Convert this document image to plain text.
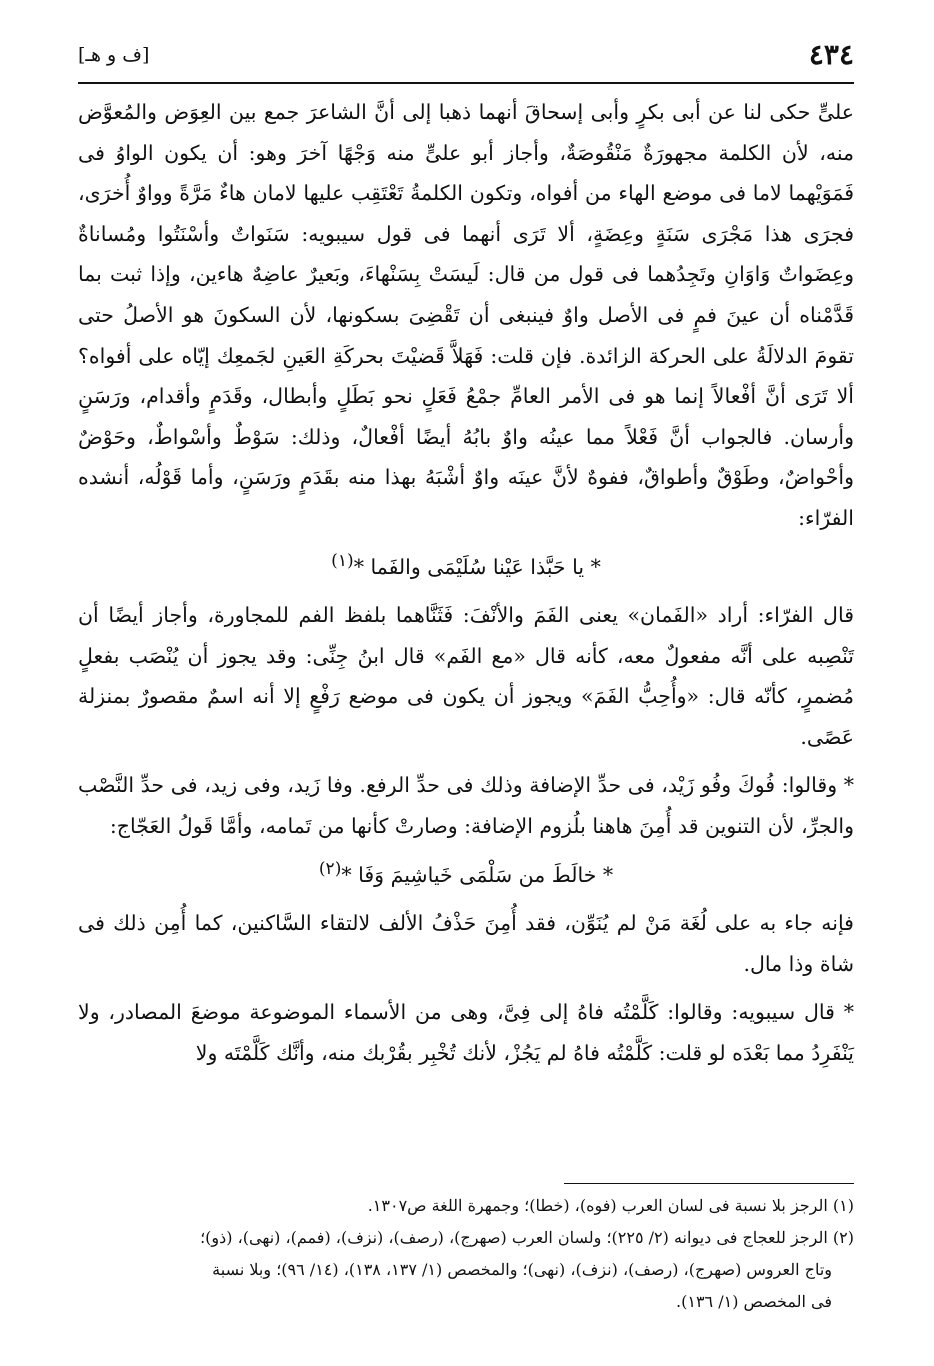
٤٣٤
[ف و هـ]

علىٍّ حكى لنا عن أبى بكرٍ وأبى إسحاقَ أنهما ذهبا إلى أنَّ الشاعرَ جمع بين العِوَض والمُعوَّض منه، لأن الكلمة مجهورَةٌ مَنْقُوصَةٌ، وأجاز أبو علىٍّ منه وَجْهًا آخرَ وهو: أن يكون الواوُ فى فَمَوَيْهما لاما فى موضع الهاء من أفواه، وتكون الكلمةُ تَعْتَقِب عليها لامان هاءٌ مَرَّةً وواوٌ أُخرَى، فجرَى هذا مَجْرَى سَنَةٍ وعِضَةٍ، ألا تَرَى أنهما فى قول سيبويه: سَنَواتٌ وأسْنَتُوا ومُساناةٌ وعِضَواتٌ وَاوَانِ وتَجِدُهما فى قول من قال: لَيسَتْ بِسَنْهاءَ، وبَعيرٌ عاضِهٌ هاءين، وإذا ثبت بما قَدَّمْناه أن عينَ فمٍ فى الأصل واوٌ فينبغى أن تَقْضِىَ بسكونها، لأن السكونَ هو الأصلُ حتى تقومَ الدلالَةُ على الحركة الزائدة. فإن قلت: فَهَلاَّ قَضيْتَ بحركَةِ العَينِ لجَمعِك إيّاه على أفواه؟ ألا تَرَى أنَّ أفْعالاً إنما هو فى الأمر العامِّ جمْعُ فَعَلٍ نحو بَطَلٍ وأبطال، وقَدَمٍ وأقدام، ورَسَنٍ وأرسان. فالجواب أنَّ فَعْلاً مما عينُه واوٌ بابُهُ أيضًا أفْعالٌ، وذلك: سَوْطٌ وأسْواطٌ، وحَوْضٌ وأحْواضٌ، وطَوْقٌ وأطواقٌ، ففوهٌ لأنَّ عينَه واوٌ أشْبَهُ بهذا منه بقَدَمٍ ورَسَنٍ، وأما قَوْلُه، أنشده الفرّاء:

* يا حَبَّذا عَيْنا سُلَيْمَى والفَما *$^{(١)}$

قال الفرّاء: أراد «الفَمان» يعنى الفَمَ والأنْفَ: فَثَنَّاهما بلفظ الفم للمجاورة، وأجاز أيضًا أن تَنْصِبه على أنَّه مفعولٌ معه، كأنه قال «مع الفَم» قال ابنُ جِنِّى: وقد يجوز أن يُنْصَب بفعلٍ مُضمرٍ، كأنّه قال: «وأُحِبُّ الفَمَ» ويجوز أن يكون فى موضع رَفْعٍ إلا أنه اسمٌ مقصورٌ بمنزلة عَصًى.

* وقالوا: فُوكَ وفُو زَيْد، فى حدِّ الإضافة وذلك فى حدِّ الرفع. وفا زَيد، وفى زيد، فى حدِّ النَّصْب والجرِّ، لأن التنوين قد أُمِنَ هاهنا بلُزوم الإضافة: وصارتْ كأنها من تَمامه، وأمَّا قَولُ العَجّاج:

* خالَطَ من سَلْمَى خَياشِيمَ وَفَا *$^{(٢)}$

فإنه جاء به على لُغَة مَنْ لم يُنَوِّن، فقد أُمِنَ حَذْفُ الألف لالتقاء السَّاكنين، كما أُمِن ذلك فى شاة وذا مال.

* قال سيبويه: وقالوا: كَلَّمْتُه فاهُ إلى فِىَّ، وهى من الأسماء الموضوعة موضعَ المصادر، ولا يَنْفَرِدُ مما بَعْدَه لو قلت: كَلَّمْتُه فاهُ لم يَجُزْ، لأنك تُخْبِر بقُرْبك منه، وأنَّك كَلَّمْتَه ولا

(١) الرجز بلا نسبة فى لسان العرب (فوه)، (خطا)؛ وجمهرة اللغة ص١٣٠٧.

(٢) الرجز للعجاج فى ديوانه (٢/ ٢٢٥)؛ ولسان العرب (صهرج)، (رصف)، (نزف)، (فمم)، (نهى)، (ذو)؛

وتاج العروس (صهرج)، (رصف)، (نزف)، (نهى)؛ والمخصص (١/ ١٣٧، ١٣٨)، (١٤/ ٩٦)؛ وبلا نسبة

فى المخصص (١/ ١٣٦).
